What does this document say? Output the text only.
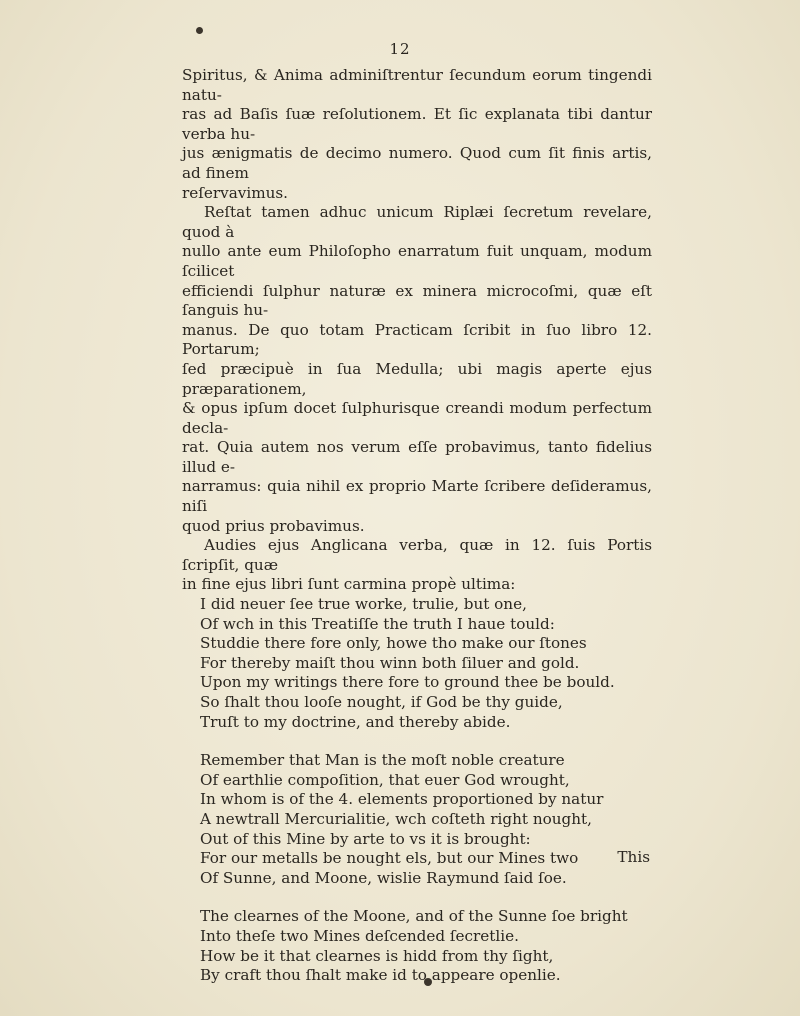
12

Spiritus, & Anima adminiſtrentur ſecundum eorum tingendi natu-
ras ad Baſis ſuæ reſolutionem. Et ſic explanata tibi dantur verba hu-
jus ænigmatis de decimo numero. Quod cum ſit finis artis, ad finem
reſervavimus.

Reſtat tamen adhuc unicum Riplæi ſecretum revelare, quod à
nullo ante eum Philoſopho enarratum fuit unquam, modum ſcilicet
efficiendi ſulphur naturæ ex minera microcoſmi, quæ eſt ſanguis hu-
manus. De quo totam Practicam ſcribit in ſuo libro 12. Portarum;
ſed præcipuè in ſua Medulla; ubi magis aperte ejus præparationem,
& opus ipſum docet ſulphurisque creandi modum perfectum decla-
rat. Quia autem nos verum eſſe probavimus, tanto fidelius illud e-
narramus: quia nihil ex proprio Marte ſcribere deſideramus, niſi
quod prius probavimus.

Audies ejus Anglicana verba, quæ in 12. ſuis Portis ſcripſit, quæ
in fine ejus libri ſunt carmina propè ultima:

I did neuer ſee true worke, trulie, but one,
Of wch in this Treatiſſe the truth I haue tould:
Studdie there fore only, howe tho make our ſtones
For thereby maiſt thou winn both ſiluer and gold.
Upon my writings there fore to ground thee be bould.
So ſhalt thou looſe nought, if God be thy guide,
Truſt to my doctrine, and thereby abide.
Remember that Man is the moſt noble creature
Of earthlie compoſition, that euer God wrought,
In whom is of the 4. elements proportioned by natur
A newtrall Mercurialitie, wch coſteth right nought,
Out of this Mine by arte to vs it is brought:
For our metalls be nought els, but our Mines two
Of Sunne, and Moone, wislie Raymund ſaid ſoe.
The clearnes of the Moone, and of the Sunne ſoe bright
Into theſe two Mines deſcended ſecretlie.
How be it that clearnes is hidd from thy ſight,
By craft thou ſhalt make id to appeare openlie.
This
